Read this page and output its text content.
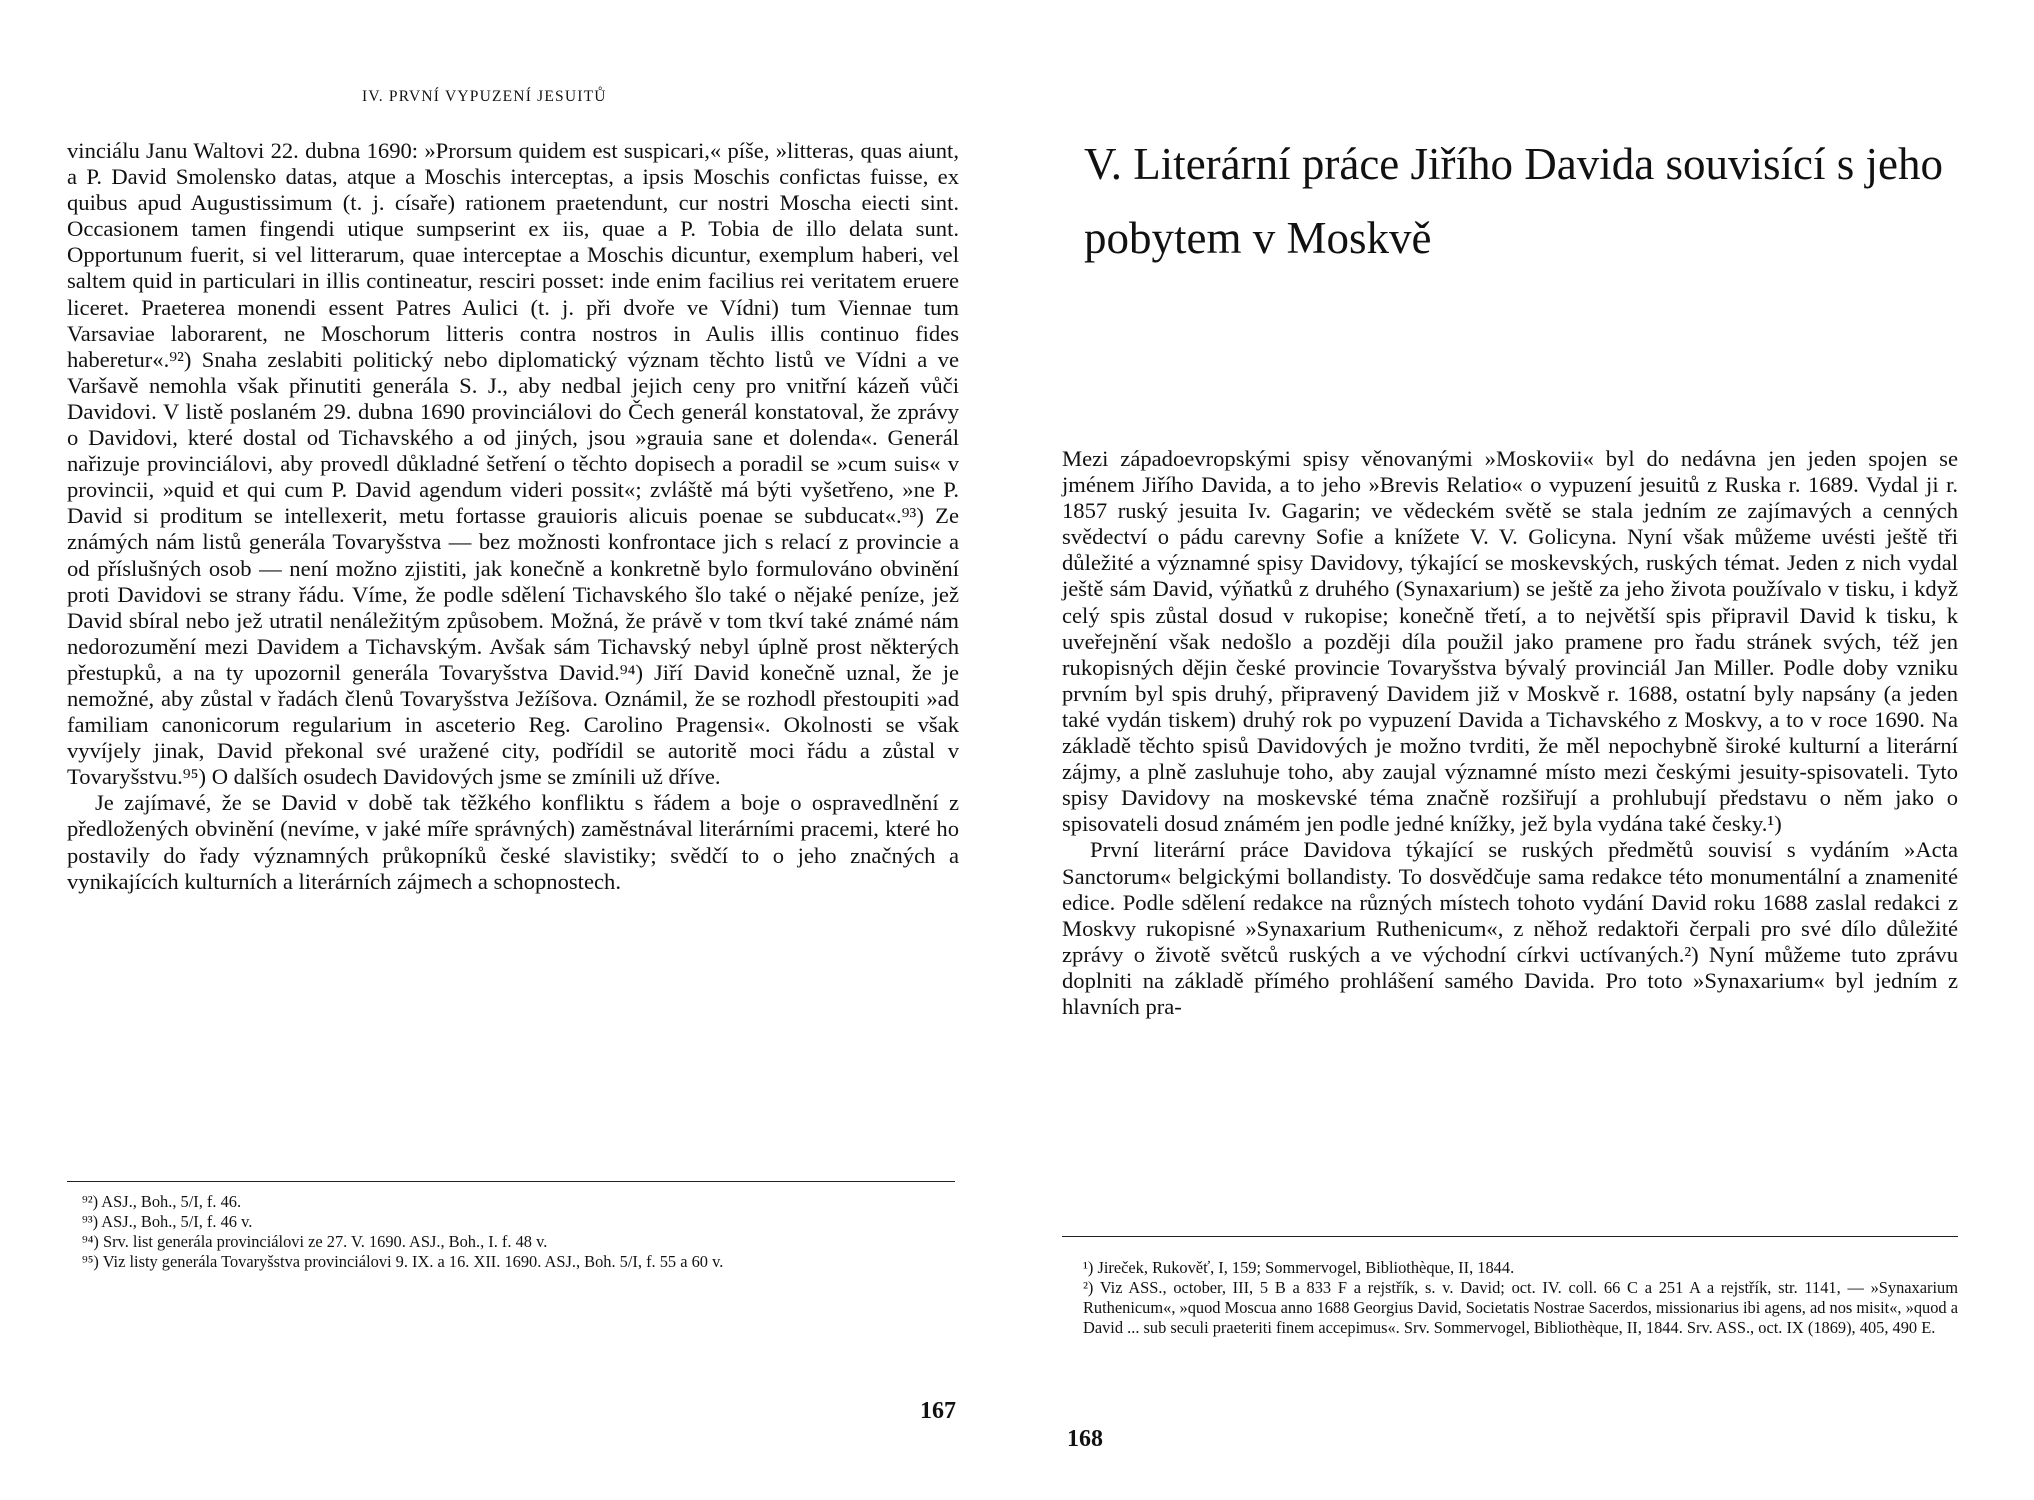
IV. PRVNÍ VYPUZENÍ JESUITŮ

vinciálu Janu Waltovi 22. dubna 1690: »Prorsum quidem est suspicari,« píše, »litteras, quas aiunt, a P. David Smolensko datas, atque a Moschis interceptas, a ipsis Moschis confictas fuisse, ex quibus apud Augustissimum (t. j. císaře) rationem praetendunt, cur nostri Moscha eiecti sint. Occasionem tamen fingendi utique sumpserint ex iis, quae a P. Tobia de illo delata sunt. Opportunum fuerit, si vel litterarum, quae interceptae a Moschis dicuntur, exemplum haberi, vel saltem quid in particulari in illis contineatur, resciri posset: inde enim facilius rei veritatem eruere liceret. Praeterea monendi essent Patres Aulici (t. j. při dvoře ve Vídni) tum Viennae tum Varsaviae laborarent, ne Moschorum litteris contra nostros in Aulis illis continuo fides haberetur«.⁹²) Snaha zeslabiti politický nebo diplomatický význam těchto listů ve Vídni a ve Varšavě nemohla však přinutiti generála S. J., aby nedbal jejich ceny pro vnitřní kázeň vůči Davidovi. V listě poslaném 29. dubna 1690 provinciálovi do Čech generál konstatoval, že zprávy o Davidovi, které dostal od Tichavského a od jiných, jsou »grauia sane et dolenda«. Generál nařizuje provinciálovi, aby provedl důkladné šetření o těchto dopisech a poradil se »cum suis« v provincii, »quid et qui cum P. David agendum videri possit«; zvláště má býti vyšetřeno, »ne P. David si proditum se intellexerit, metu fortasse grauioris alicuis poenae se subducat«.⁹³) Ze známých nám listů generála Tovaryšstva — bez možnosti konfrontace jich s relací z provincie a od příslušných osob — není možno zjistiti, jak konečně a konkretně bylo formulováno obvinění proti Davidovi se strany řádu. Víme, že podle sdělení Tichavského šlo také o nějaké peníze, jež David sbíral nebo jež utratil nenáležitým způsobem. Možná, že právě v tom tkví také známé nám nedorozumění mezi Davidem a Tichavským. Avšak sám Tichavský nebyl úplně prost některých přestupků, a na ty upozornil generála Tovaryšstva David.⁹⁴) Jiří David konečně uznal, že je nemožné, aby zůstal v řadách členů Tovaryšstva Ježíšova. Oznámil, že se rozhodl přestoupiti »ad familiam canonicorum regularium in asceterio Reg. Carolino Pragensi«. Okolnosti se však vyvíjely jinak, David překonal své uražené city, podřídil se autoritě moci řádu a zůstal v Tovaryšstvu.⁹⁵) O dalších osudech Davidových jsme se zmínili už dříve.

Je zajímavé, že se David v době tak těžkého konfliktu s řádem a boje o ospravedlnění z předložených obvinění (nevíme, v jaké míře správných) zaměstnával literárními pracemi, které ho postavily do řady významných průkopníků české slavistiky; svědčí to o jeho značných a vynikajících kulturních a literárních zájmech a schopnostech.

⁹²) ASJ., Boh., 5/I, f. 46.
⁹³) ASJ., Boh., 5/I, f. 46 v.
⁹⁴) Srv. list generála provinciálovi ze 27. V. 1690. ASJ., Boh., I. f. 48 v.
⁹⁵) Viz listy generála Tovaryšstva provinciálovi 9. IX. a 16. XII. 1690. ASJ., Boh. 5/I, f. 55 a 60 v.
167
V. Literární práce Jiřího Davida souvisící s jeho pobytem v Moskvě

Mezi západoevropskými spisy věnovanými »Moskovii« byl do nedávna jen jeden spojen se jménem Jiřího Davida, a to jeho »Brevis Relatio« o vypuzení jesuitů z Ruska r. 1689. Vydal ji r. 1857 ruský jesuita Iv. Gagarin; ve vědeckém světě se stala jedním ze zajímavých a cenných svědectví o pádu carevny Sofie a knížete V. V. Golicyna. Nyní však můžeme uvésti ještě tři důležité a významné spisy Davidovy, týkající se moskevských, ruských témat. Jeden z nich vydal ještě sám David, výňatků z druhého (Synaxarium) se ještě za jeho života používalo v tisku, i když celý spis zůstal dosud v rukopise; konečně třetí, a to největší spis připravil David k tisku, k uveřejnění však nedošlo a později díla použil jako pramene pro řadu stránek svých, též jen rukopisných dějin české provincie Tovaryšstva bývalý provinciál Jan Miller. Podle doby vzniku prvním byl spis druhý, připravený Davidem již v Moskvě r. 1688, ostatní byly napsány (a jeden také vydán tiskem) druhý rok po vypuzení Davida a Tichavského z Moskvy, a to v roce 1690. Na základě těchto spisů Davidových je možno tvrditi, že měl nepochybně široké kulturní a literární zájmy, a plně zasluhuje toho, aby zaujal významné místo mezi českými jesuity-spisovateli. Tyto spisy Davidovy na moskevské téma značně rozšiřují a prohlubují představu o něm jako o spisovateli dosud známém jen podle jedné knížky, jež byla vydána také česky.¹)

První literární práce Davidova týkající se ruských předmětů souvisí s vydáním »Acta Sanctorum« belgickými bollandisty. To dosvědčuje sama redakce této monumentální a znamenité edice. Podle sdělení redakce na různých místech tohoto vydání David roku 1688 zaslal redakci z Moskvy rukopisné »Synaxarium Ruthenicum«, z něhož redaktoři čerpali pro své dílo důležité zprávy o životě světců ruských a ve východní církvi uctívaných.²) Nyní můžeme tuto zprávu doplniti na základě přímého prohlášení samého Davida. Pro toto »Synaxarium« byl jedním z hlavních pra-

¹) Jireček, Rukověť, I, 159; Sommervogel, Bibliothèque, II, 1844.
²) Viz ASS., october, III, 5 B a 833 F a rejstřík, s. v. David; oct. IV. coll. 66 C a 251 A a rejstřík, str. 1141, — »Synaxarium Ruthenicum«, »quod Moscua anno 1688 Georgius David, Societatis Nostrae Sacerdos, missionarius ibi agens, ad nos misit«, »quod a David ... sub seculi praeteriti finem accepimus«. Srv. Sommervogel, Bibliothèque, II, 1844. Srv. ASS., oct. IX (1869), 405, 490 E.
168
